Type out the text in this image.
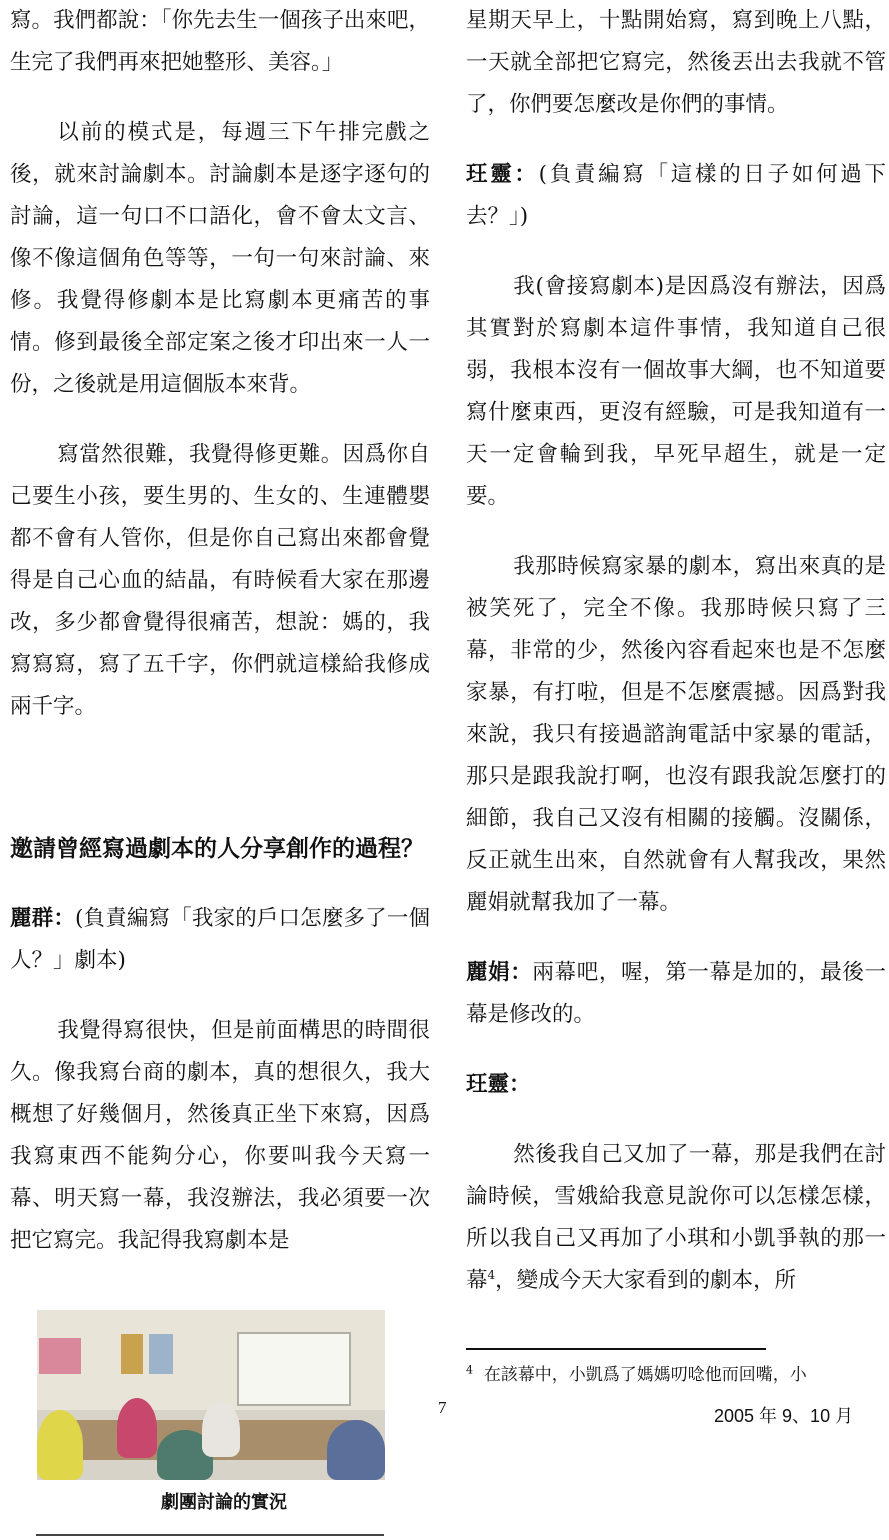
寫。我們都說：「你先去生一個孩子出來吧，生完了我們再來把她整形、美容。」

以前的模式是，每週三下午排完戲之後，就來討論劇本。討論劇本是逐字逐句的討論，這一句口不口語化，會不會太文言、像不像這個角色等等，一句一句來討論、來修。我覺得修劇本是比寫劇本更痛苦的事情。修到最後全部定案之後才印出來一人一份，之後就是用這個版本來背。

寫當然很難，我覺得修更難。因爲你自己要生小孩，要生男的、生女的、生連體嬰都不會有人管你，但是你自己寫出來都會覺得是自己心血的結晶，有時候看大家在那邊改，多少都會覺得很痛苦，想說：媽的，我寫寫寫，寫了五千字，你們就這樣給我修成兩千字。

邀請曾經寫過劇本的人分享創作的過程？

麗群：(負責編寫「我家的戶口怎麼多了一個人？」劇本)

我覺得寫很快，但是前面構思的時間很久。像我寫台商的劇本，真的想很久，我大概想了好幾個月，然後真正坐下來寫，因爲我寫東西不能夠分心，你要叫我今天寫一幕、明天寫一幕，我沒辦法，我必須要一次把它寫完。我記得我寫劇本是

星期天早上，十點開始寫，寫到晚上八點，一天就全部把它寫完，然後丟出去我就不管了，你們要怎麼改是你們的事情。

玨靈：(負責編寫「這樣的日子如何過下去？」)

我(會接寫劇本)是因爲沒有辦法，因爲其實對於寫劇本這件事情，我知道自己很弱，我根本沒有一個故事大綱，也不知道要寫什麼東西，更沒有經驗，可是我知道有一天一定會輪到我，早死早超生，就是一定要。

我那時候寫家暴的劇本，寫出來真的是被笑死了，完全不像。我那時候只寫了三幕，非常的少，然後內容看起來也是不怎麼家暴，有打啦，但是不怎麼震撼。因爲對我來說，我只有接過諮詢電話中家暴的電話，那只是跟我說打啊，也沒有跟我說怎麼打的細節，我自己又沒有相關的接觸。沒關係，反正就生出來，自然就會有人幫我改，果然麗娟就幫我加了一幕。

麗娟：兩幕吧，喔，第一幕是加的，最後一幕是修改的。

玨靈：

然後我自己又加了一幕，那是我們在討論時候，雪娥給我意見說你可以怎樣怎樣，所以我自己又再加了小琪和小凱爭執的那一幕$^4$，變成今天大家看到的劇本，所

劇團討論的實況
$^4$ 在該幕中，小凱爲了媽媽叨唸他而回嘴，小
7	2005 年 9、10 月
